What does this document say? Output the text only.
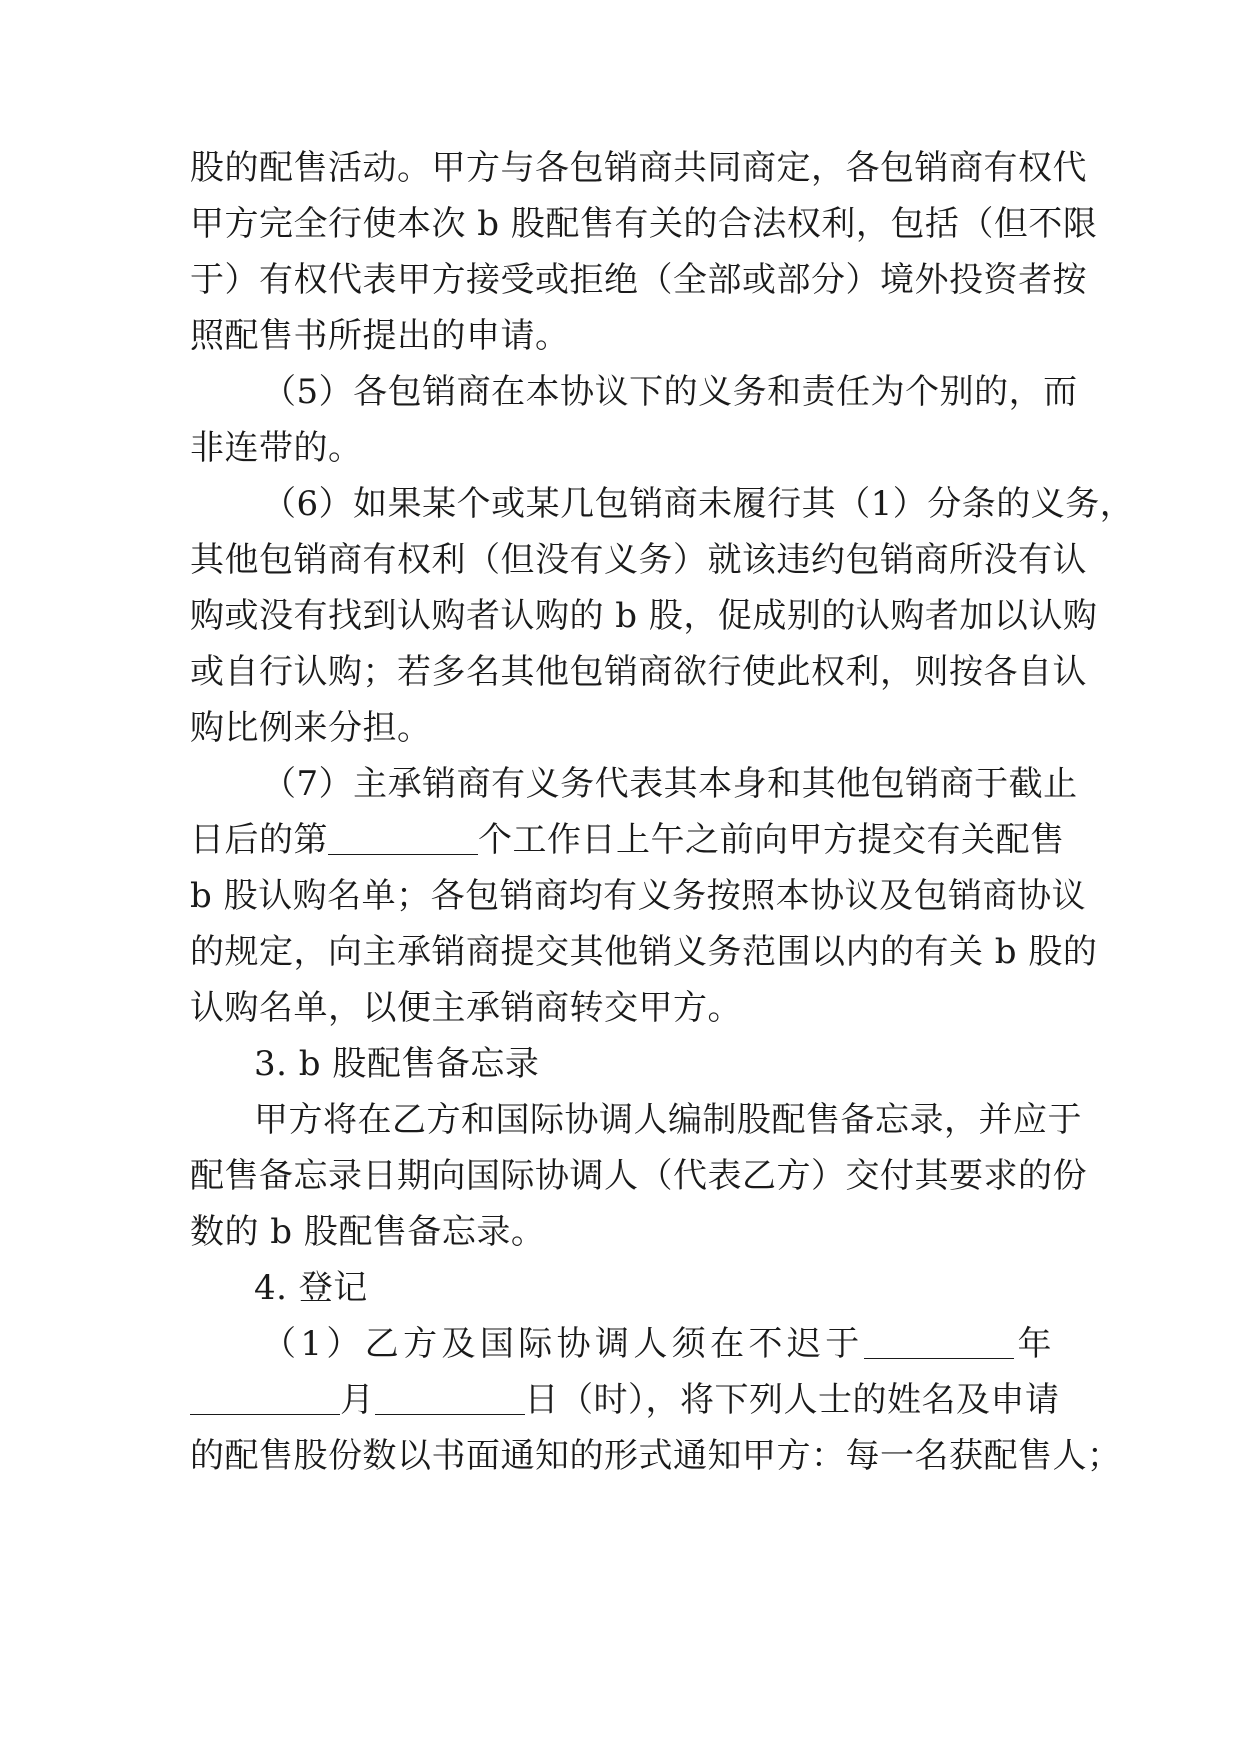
股的配售活动。甲方与各包销商共同商定，各包销商有权代
甲方完全行使本次 b 股配售有关的合法权利，包括（但不限
于）有权代表甲方接受或拒绝（全部或部分）境外投资者按
照配售书所提出的申请。
（5）各包销商在本协议下的义务和责任为个别的，而
非连带的。
（6）如果某个或某几包销商未履行其（1）分条的义务，
其他包销商有权利（但没有义务）就该违约包销商所没有认
购或没有找到认购者认购的 b 股，促成别的认购者加以认购
或自行认购；若多名其他包销商欲行使此权利，则按各自认
购比例来分担。
（7）主承销商有义务代表其本身和其他包销商于截止
日后的第	个工作日上午之前向甲方提交有关配售
b 股认购名单；各包销商均有义务按照本协议及包销商协议
的规定，向主承销商提交其他销义务范围以内的有关 b 股的
认购名单，以便主承销商转交甲方。
3. b 股配售备忘录
甲方将在乙方和国际协调人编制股配售备忘录，并应于
配售备忘录日期向国际协调人（代表乙方）交付其要求的份
数的 b 股配售备忘录。
4. 登记
（1）乙方及国际协调人须在不迟于	年
月	日（时），将下列人士的姓名及申请
的配售股份数以书面通知的形式通知甲方：每一名获配售人；
